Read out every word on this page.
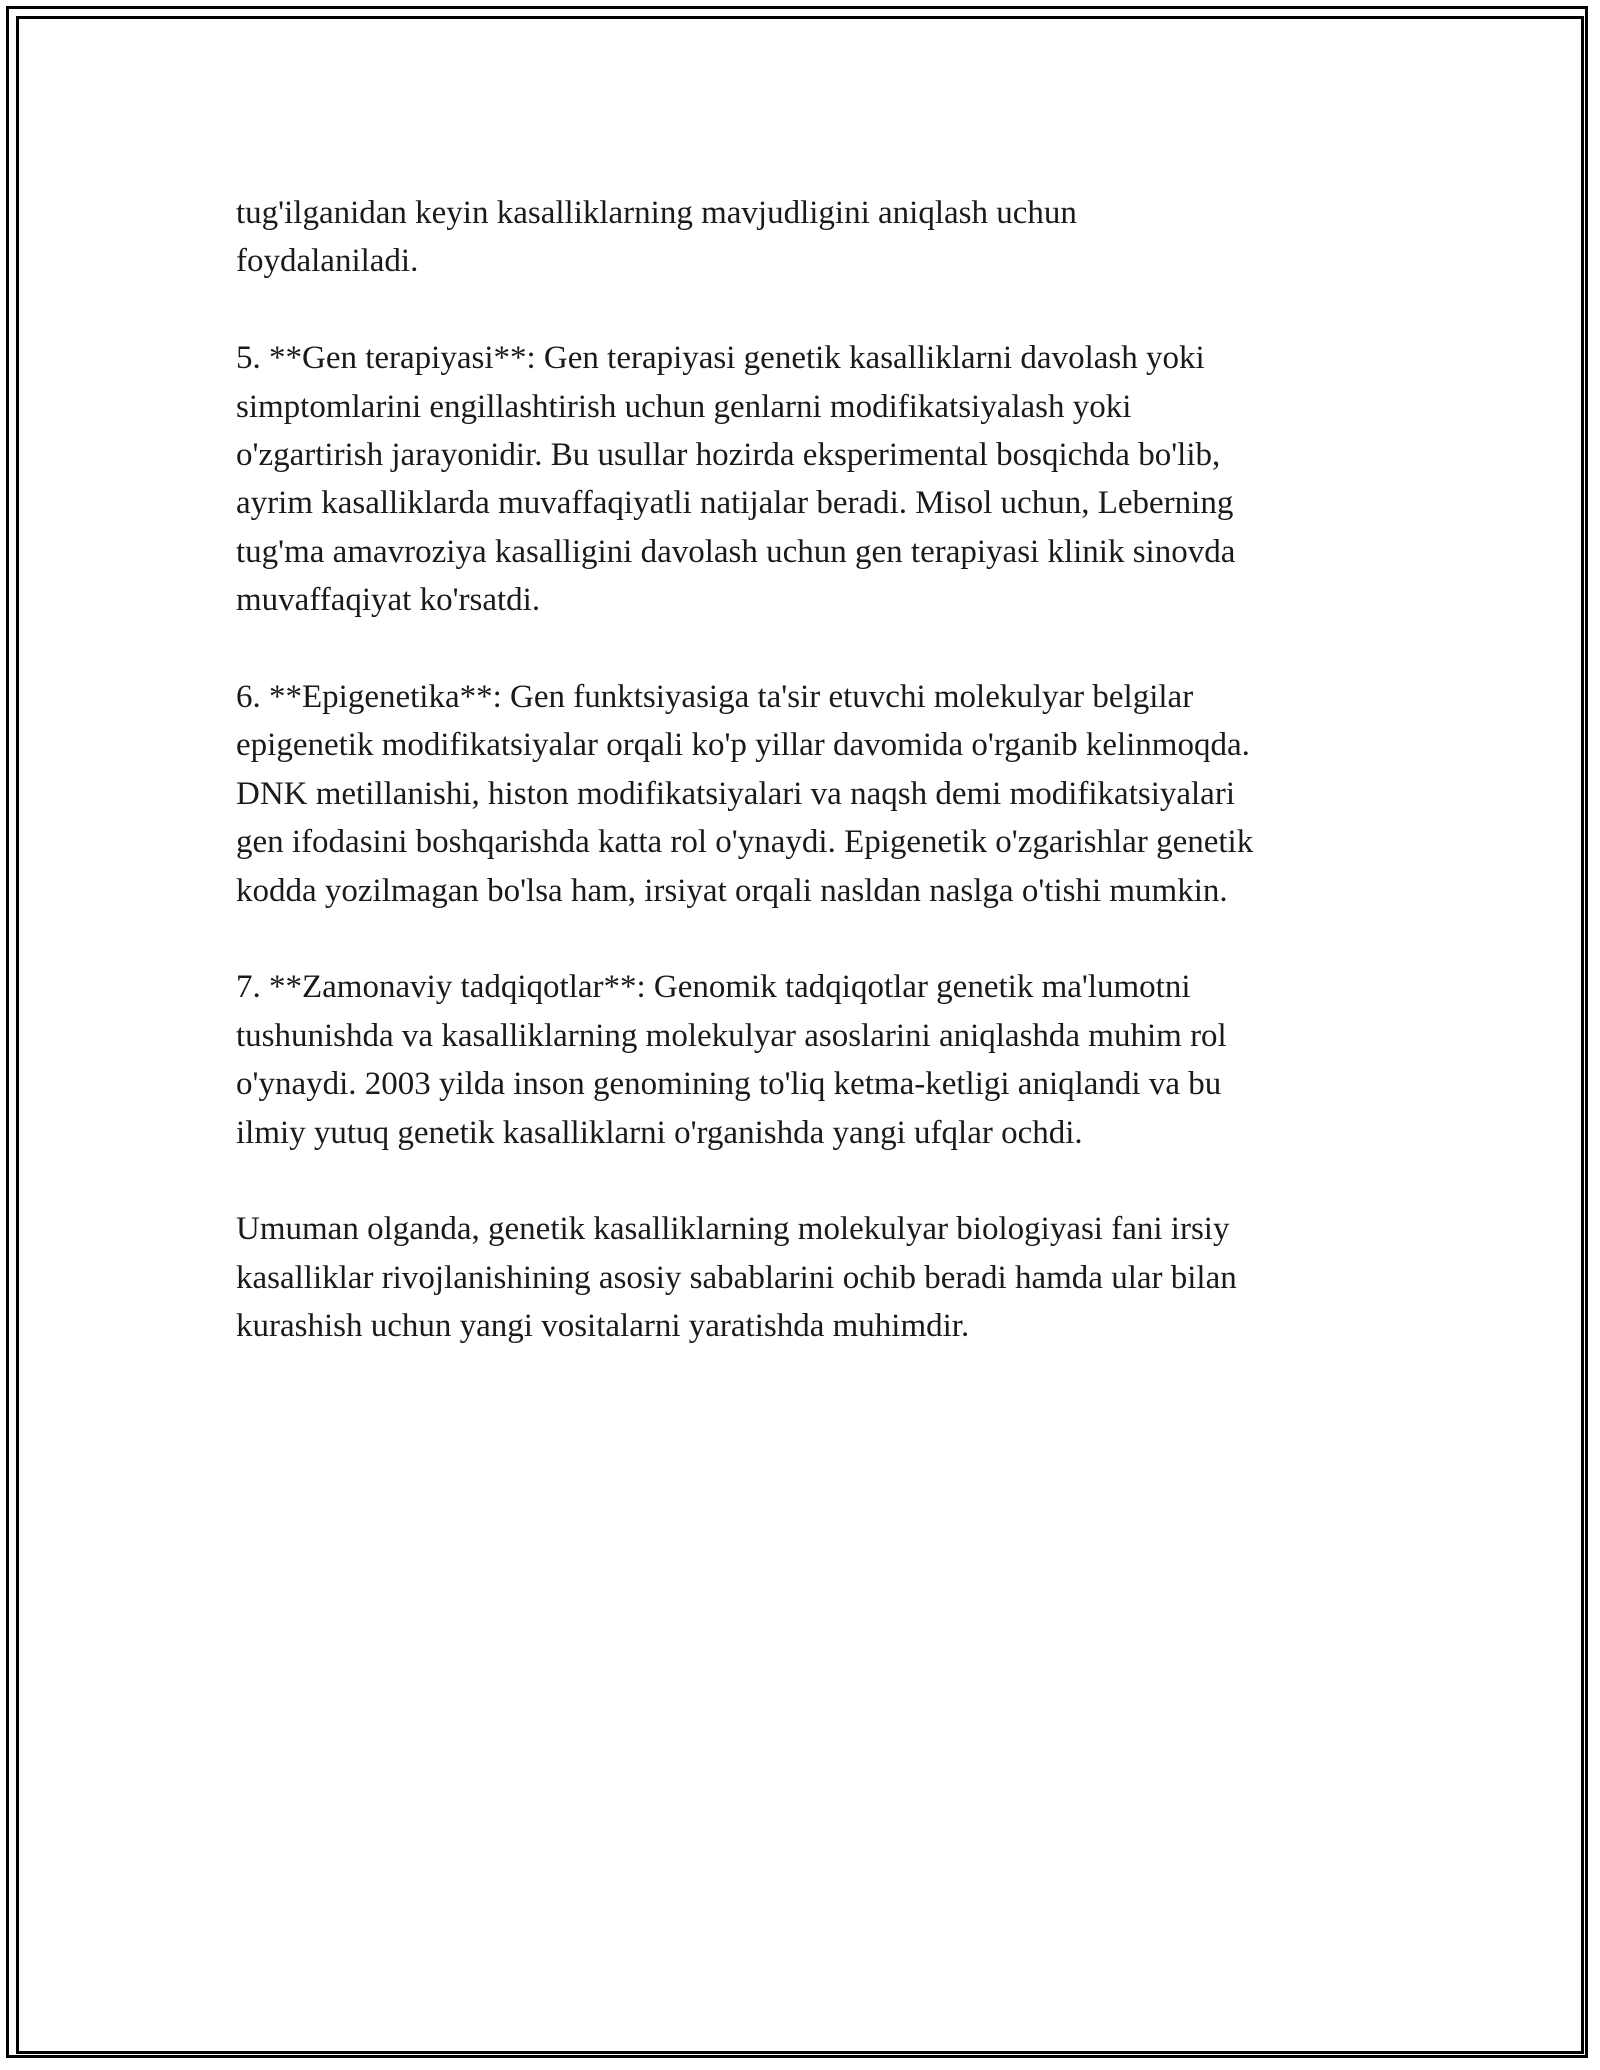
tug'ilganidan keyin kasalliklarning mavjudligini aniqlash uchun
foydalaniladi.

5. **Gen terapiyasi**: Gen terapiyasi genetik kasalliklarni davolash yoki
simptomlarini engillashtirish uchun genlarni modifikatsiyalash yoki
o'zgartirish jarayonidir. Bu usullar hozirda eksperimental bosqichda bo'lib,
ayrim kasalliklarda muvaffaqiyatli natijalar beradi. Misol uchun, Leberning
tug'ma amavroziya kasalligini davolash uchun gen terapiyasi klinik sinovda
muvaffaqiyat ko'rsatdi.

6. **Epigenetika**: Gen funktsiyasiga ta'sir etuvchi molekulyar belgilar
epigenetik modifikatsiyalar orqali ko'p yillar davomida o'rganib kelinmoqda.
DNK metillanishi, histon modifikatsiyalari va naqsh demi modifikatsiyalari
gen ifodasini boshqarishda katta rol o'ynaydi. Epigenetik o'zgarishlar genetik
kodda yozilmagan bo'lsa ham, irsiyat orqali nasldan naslga o'tishi mumkin.

7. **Zamonaviy tadqiqotlar**: Genomik tadqiqotlar genetik ma'lumotni
tushunishda va kasalliklarning molekulyar asoslarini aniqlashda muhim rol
o'ynaydi. 2003 yilda inson genomining to'liq ketma-ketligi aniqlandi va bu
ilmiy yutuq genetik kasalliklarni o'rganishda yangi ufqlar ochdi.

Umuman olganda, genetik kasalliklarning molekulyar biologiyasi fani irsiy
kasalliklar rivojlanishining asosiy sabablarini ochib beradi hamda ular bilan
kurashish uchun yangi vositalarni yaratishda muhimdir.
